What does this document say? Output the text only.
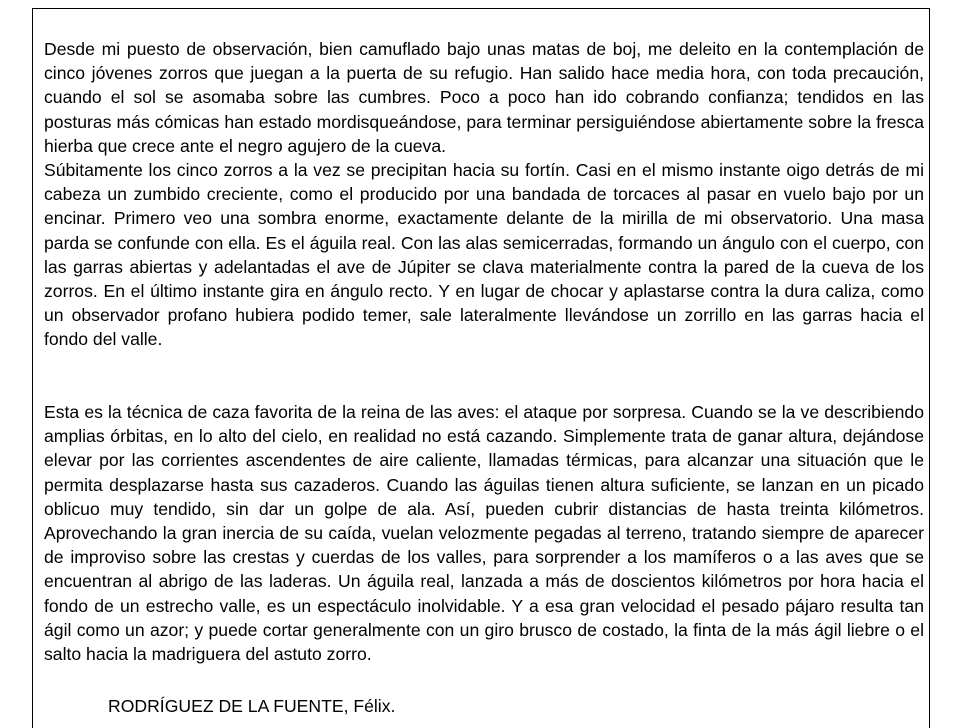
Desde mi puesto de observación, bien camuflado bajo unas matas de boj, me deleito en la contemplación de cinco jóvenes zorros que juegan a la puerta de su refugio. Han salido hace media hora, con toda precaución, cuando el sol se asomaba sobre las cumbres. Poco a poco han ido cobrando confianza; tendidos en las posturas más cómicas han estado mordisqueándose, para terminar persiguiéndose abiertamente sobre la fresca hierba que crece ante el negro agujero de la cueva.
Súbitamente los cinco zorros a la vez se precipitan hacia su fortín. Casi en el mismo instante oigo detrás de mi cabeza un zumbido creciente, como el producido por una bandada de torcaces al pasar en vuelo bajo por un encinar. Primero veo una sombra enorme, exactamente delante de la mirilla de mi observatorio. Una masa parda se confunde con ella. Es el águila real. Con las alas semicerradas, formando un ángulo con el cuerpo, con las garras abiertas y adelantadas el ave de Júpiter se clava materialmente contra la pared de la cueva de los zorros. En el último instante gira en ángulo recto. Y en lugar de chocar y aplastarse contra la dura caliza, como un observador profano hubiera podido temer, sale lateralmente llevándose un zorrillo en las garras hacia el fondo del valle.
Esta es la técnica de caza favorita de la reina de las aves: el ataque por sorpresa. Cuando se la ve describiendo amplias órbitas, en lo alto del cielo, en realidad no está cazando. Simplemente trata de ganar altura, dejándose elevar por las corrientes ascendentes de aire caliente, llamadas térmicas, para alcanzar una situación que le permita desplazarse hasta sus cazaderos. Cuando las águilas tienen altura suficiente, se lanzan en un picado oblicuo muy tendido, sin dar un golpe de ala. Así, pueden cubrir distancias de hasta treinta kilómetros. Aprovechando la gran inercia de su caída, vuelan velozmente pegadas al terreno, tratando siempre de aparecer de improviso sobre las crestas y cuerdas de los valles, para sorprender a los mamíferos o a las aves que se encuentran al abrigo de las laderas. Un águila real, lanzada a más de doscientos kilómetros por hora hacia el fondo de un estrecho valle, es un espectáculo inolvidable. Y a esa gran velocidad el pesado pájaro resulta tan ágil como un azor; y puede cortar generalmente con un giro brusco de costado, la finta de la más ágil liebre o el salto hacia la madriguera del astuto zorro.

RODRÍGUEZ DE LA FUENTE, Félix.
